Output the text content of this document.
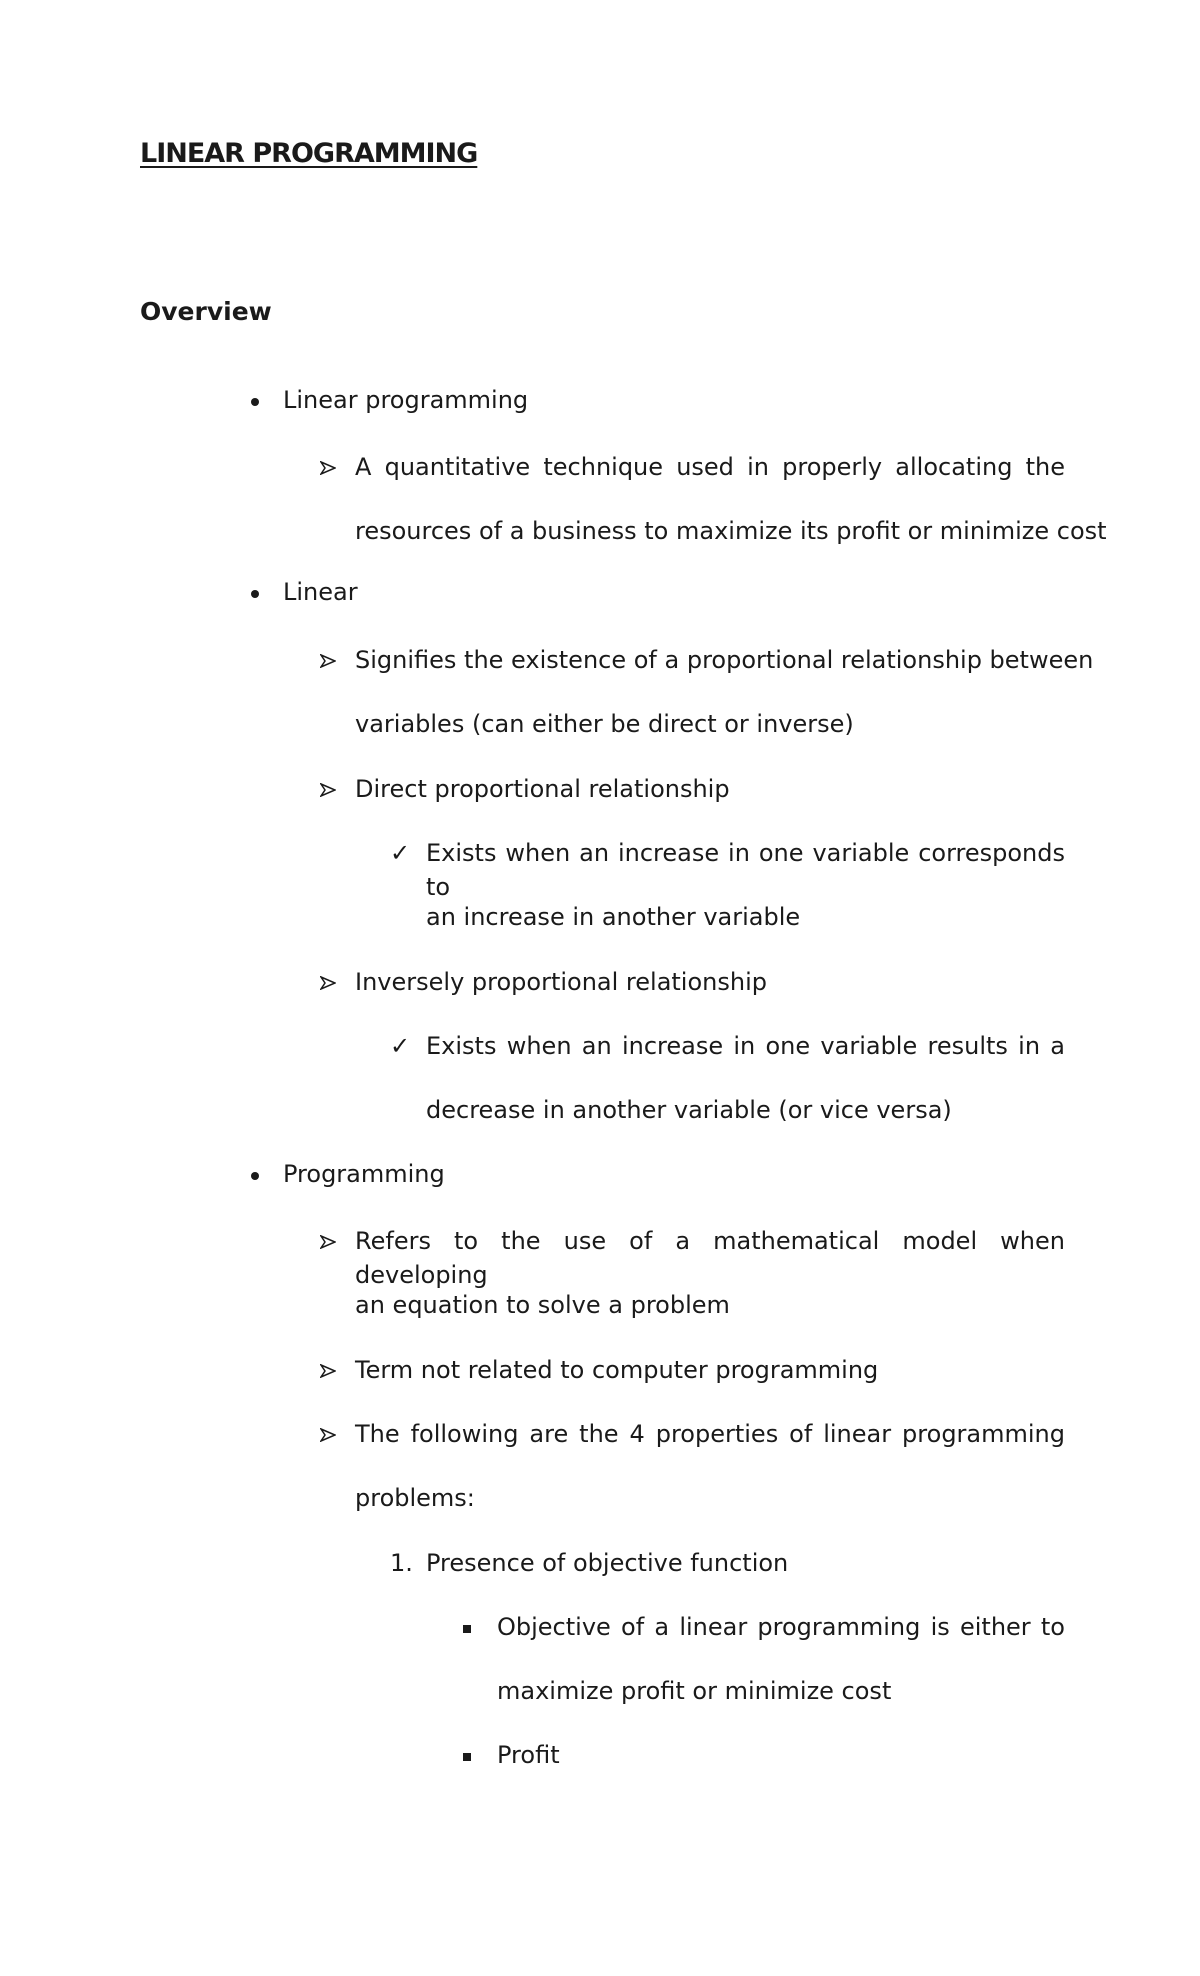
LINEAR PROGRAMMING
Overview
Linear programming
A quantitative technique used in properly allocating the
resources of a business to maximize its profit or minimize cost
Linear
Signifies the existence of a proportional relationship between
variables (can either be direct or inverse)
Direct proportional relationship
✓ Exists when an increase in one variable corresponds to
an increase in another variable
Inversely proportional relationship
✓ Exists when an increase in one variable results in a
decrease in another variable (or vice versa)
Programming
Refers to the use of a mathematical model when developing
an equation to solve a problem
Term not related to computer programming
The following are the 4 properties of linear programming
problems:
1. Presence of objective function
Objective of a linear programming is either to
maximize profit or minimize cost
Profit
